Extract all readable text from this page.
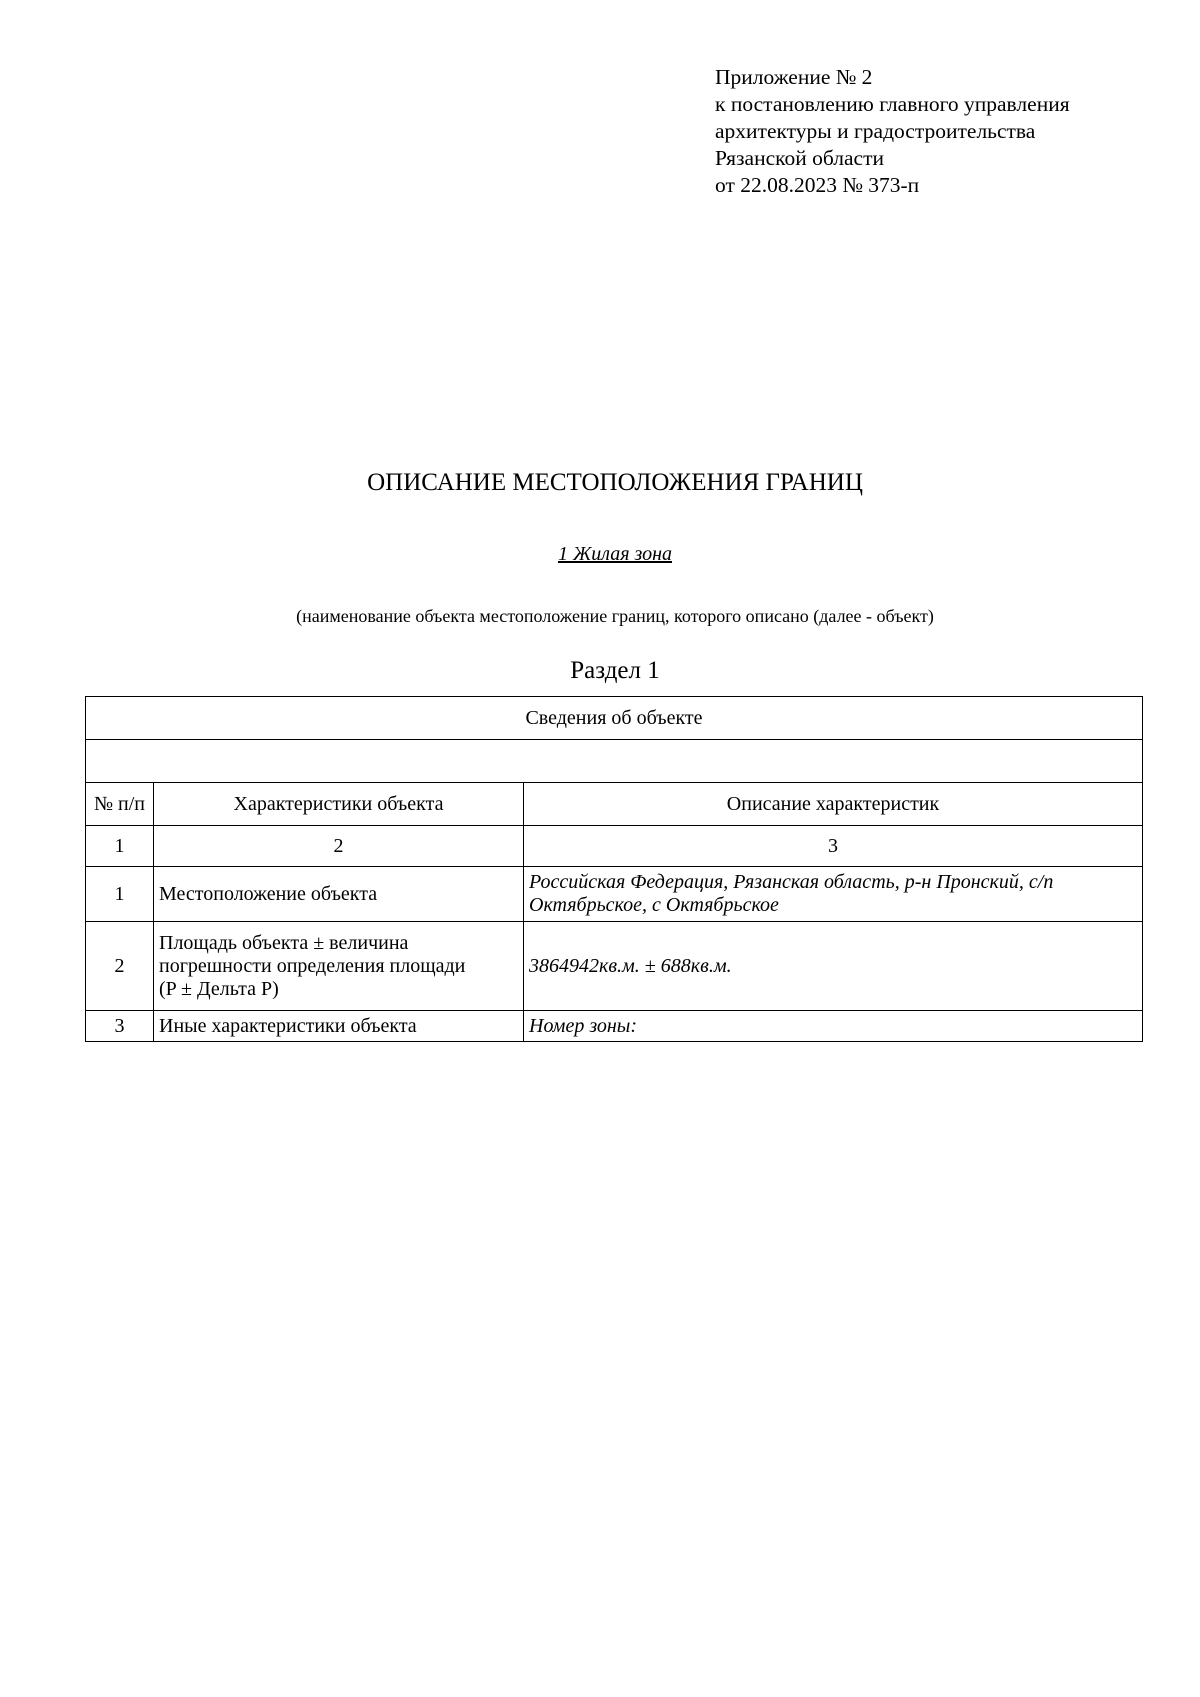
Приложение № 2
к постановлению главного управления
архитектуры и градостроительства
Рязанской области
от 22.08.2023 № 373-п
ОПИСАНИЕ МЕСТОПОЛОЖЕНИЯ ГРАНИЦ
1 Жилая зона
(наименование объекта местоположение границ, которого описано (далее - объект)
Раздел 1
Сведения об объекте		

№ п/п	Характеристики объекта	Описание характеристик
1	2	3
1	Местоположение объекта	Российская Федерация, Рязанская область, р-н Пронский, с/п Октябрьское, с Октябрьское
2	Площадь объекта ± величина
погрешности определения площади
(P ± Дельта P)	3864942кв.м. ± 688кв.м.
3	Иные характеристики объекта	Номер зоны:
